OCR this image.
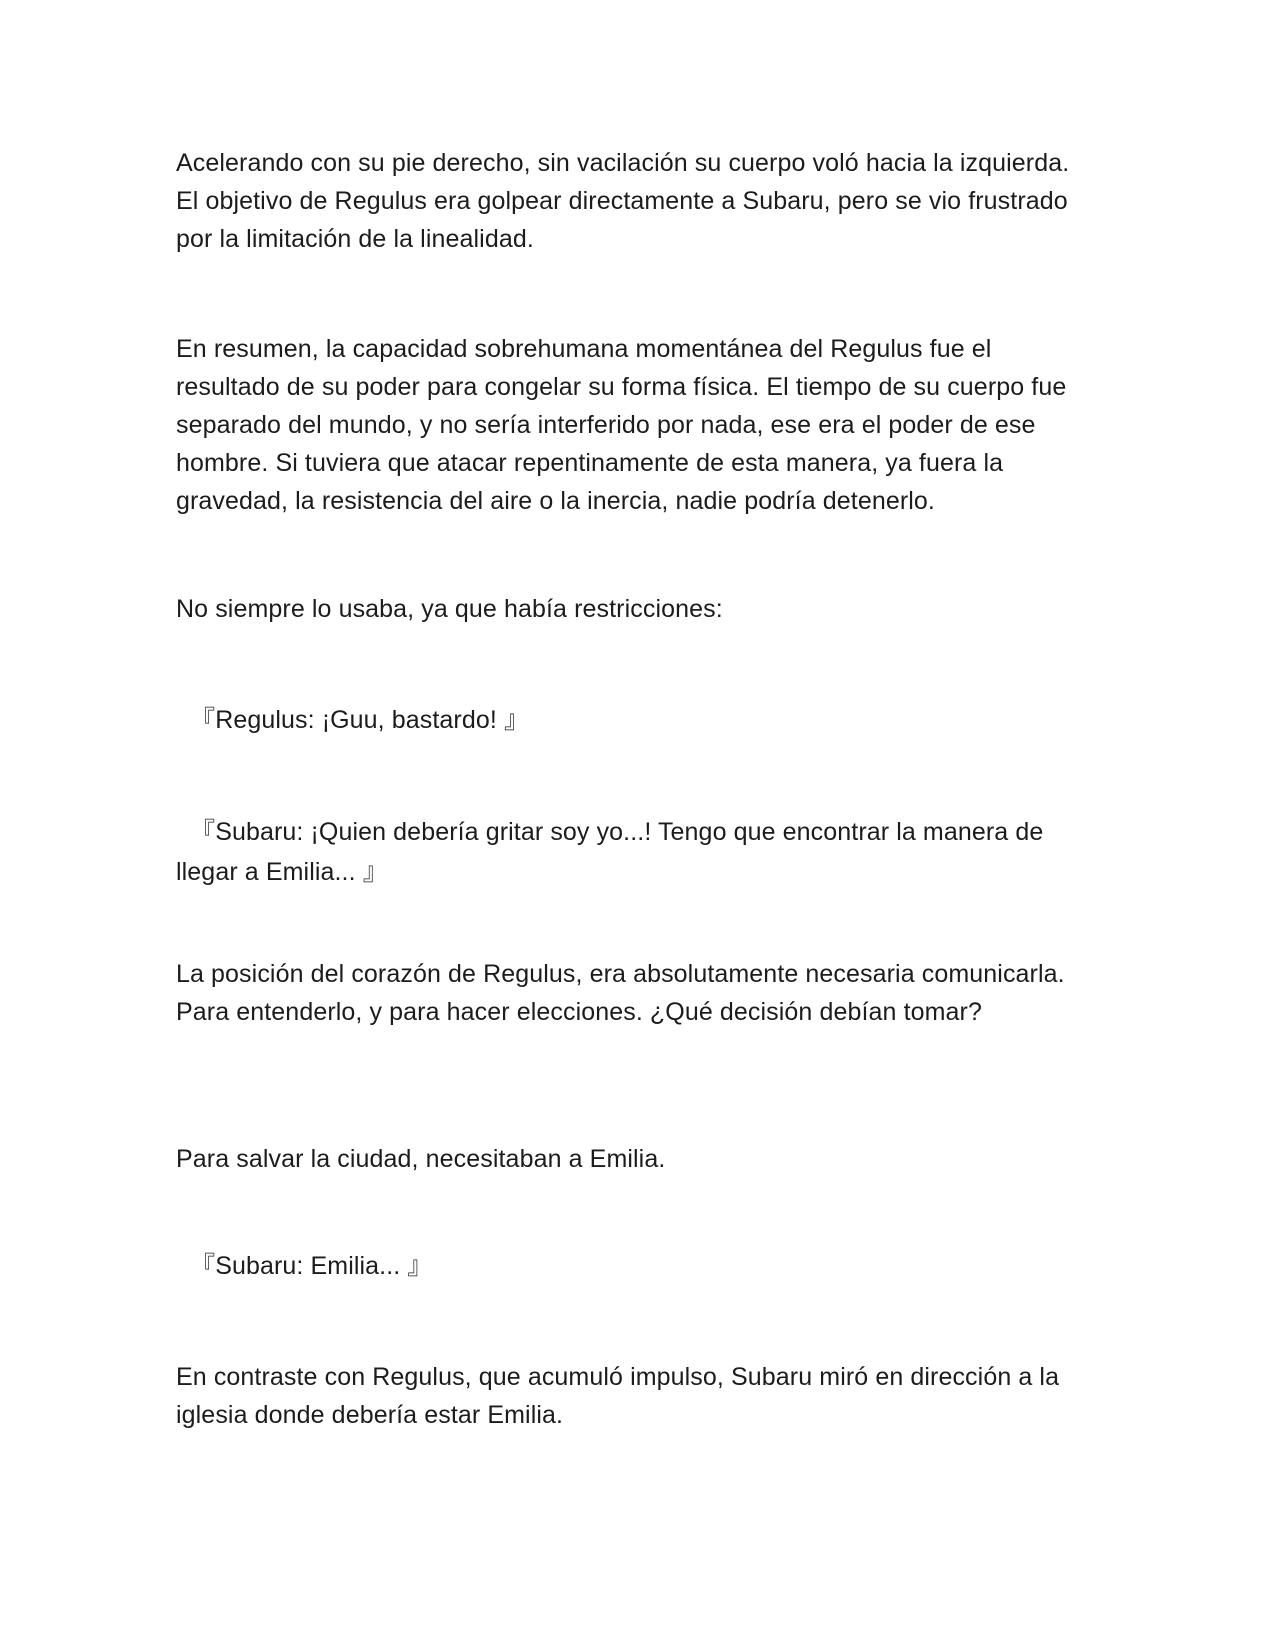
Acelerando con su pie derecho, sin vacilación su cuerpo voló hacia la izquierda. El objetivo de Regulus era golpear directamente a Subaru, pero se vio frustrado por la limitación de la linealidad.

En resumen, la capacidad sobrehumana momentánea del Regulus fue el resultado de su poder para congelar su forma física. El tiempo de su cuerpo fue separado del mundo, y no sería interferido por nada, ese era el poder de ese hombre. Si tuviera que atacar repentinamente de esta manera, ya fuera la gravedad, la resistencia del aire o la inercia, nadie podría detenerlo.

No siempre lo usaba, ya que había restricciones:

『Regulus: ¡Guu, bastardo! 』

『Subaru: ¡Quien debería gritar soy yo...! Tengo que encontrar la manera de llegar a Emilia... 』

La posición del corazón de Regulus, era absolutamente necesaria comunicarla. Para entenderlo, y para hacer elecciones. ¿Qué decisión debían tomar?

Para salvar la ciudad, necesitaban a Emilia.

『Subaru: Emilia... 』

En contraste con Regulus, que acumuló impulso, Subaru miró en dirección a la iglesia donde debería estar Emilia.
